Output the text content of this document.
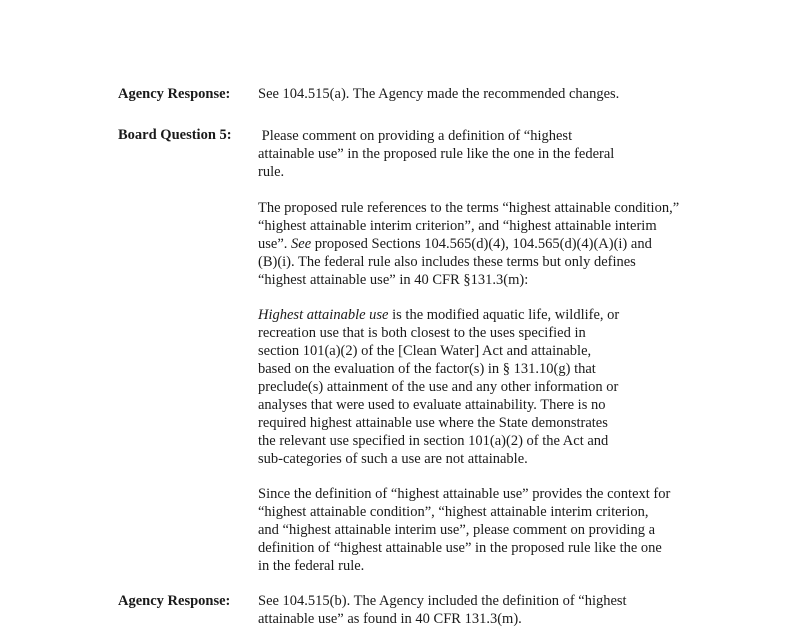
Agency Response: See 104.515(a). The Agency made the recommended changes.
Board Question 5: Please comment on providing a definition of “highest
attainable use” in the proposed rule like the one in the federal
rule.
The proposed rule references to the terms “highest attainable condition,”
“highest attainable interim criterion”, and “highest attainable interim
use”. See proposed Sections 104.565(d)(4), 104.565(d)(4)(A)(i) and
(B)(i). The federal rule also includes these terms but only defines
“highest attainable use” in 40 CFR §131.3(m):
Highest attainable use is the modified aquatic life, wildlife, or
recreation use that is both closest to the uses specified in
section 101(a)(2) of the [Clean Water] Act and attainable,
based on the evaluation of the factor(s) in § 131.10(g) that
preclude(s) attainment of the use and any other information or
analyses that were used to evaluate attainability. There is no
required highest attainable use where the State demonstrates
the relevant use specified in section 101(a)(2) of the Act and
sub-categories of such a use are not attainable.
Since the definition of “highest attainable use” provides the context for
“highest attainable condition”, “highest attainable interim criterion,
and “highest attainable interim use”, please comment on providing a
definition of “highest attainable use” in the proposed rule like the one
in the federal rule.
Agency Response: See 104.515(b). The Agency included the definition of “highest
attainable use” as found in 40 CFR 131.3(m).
